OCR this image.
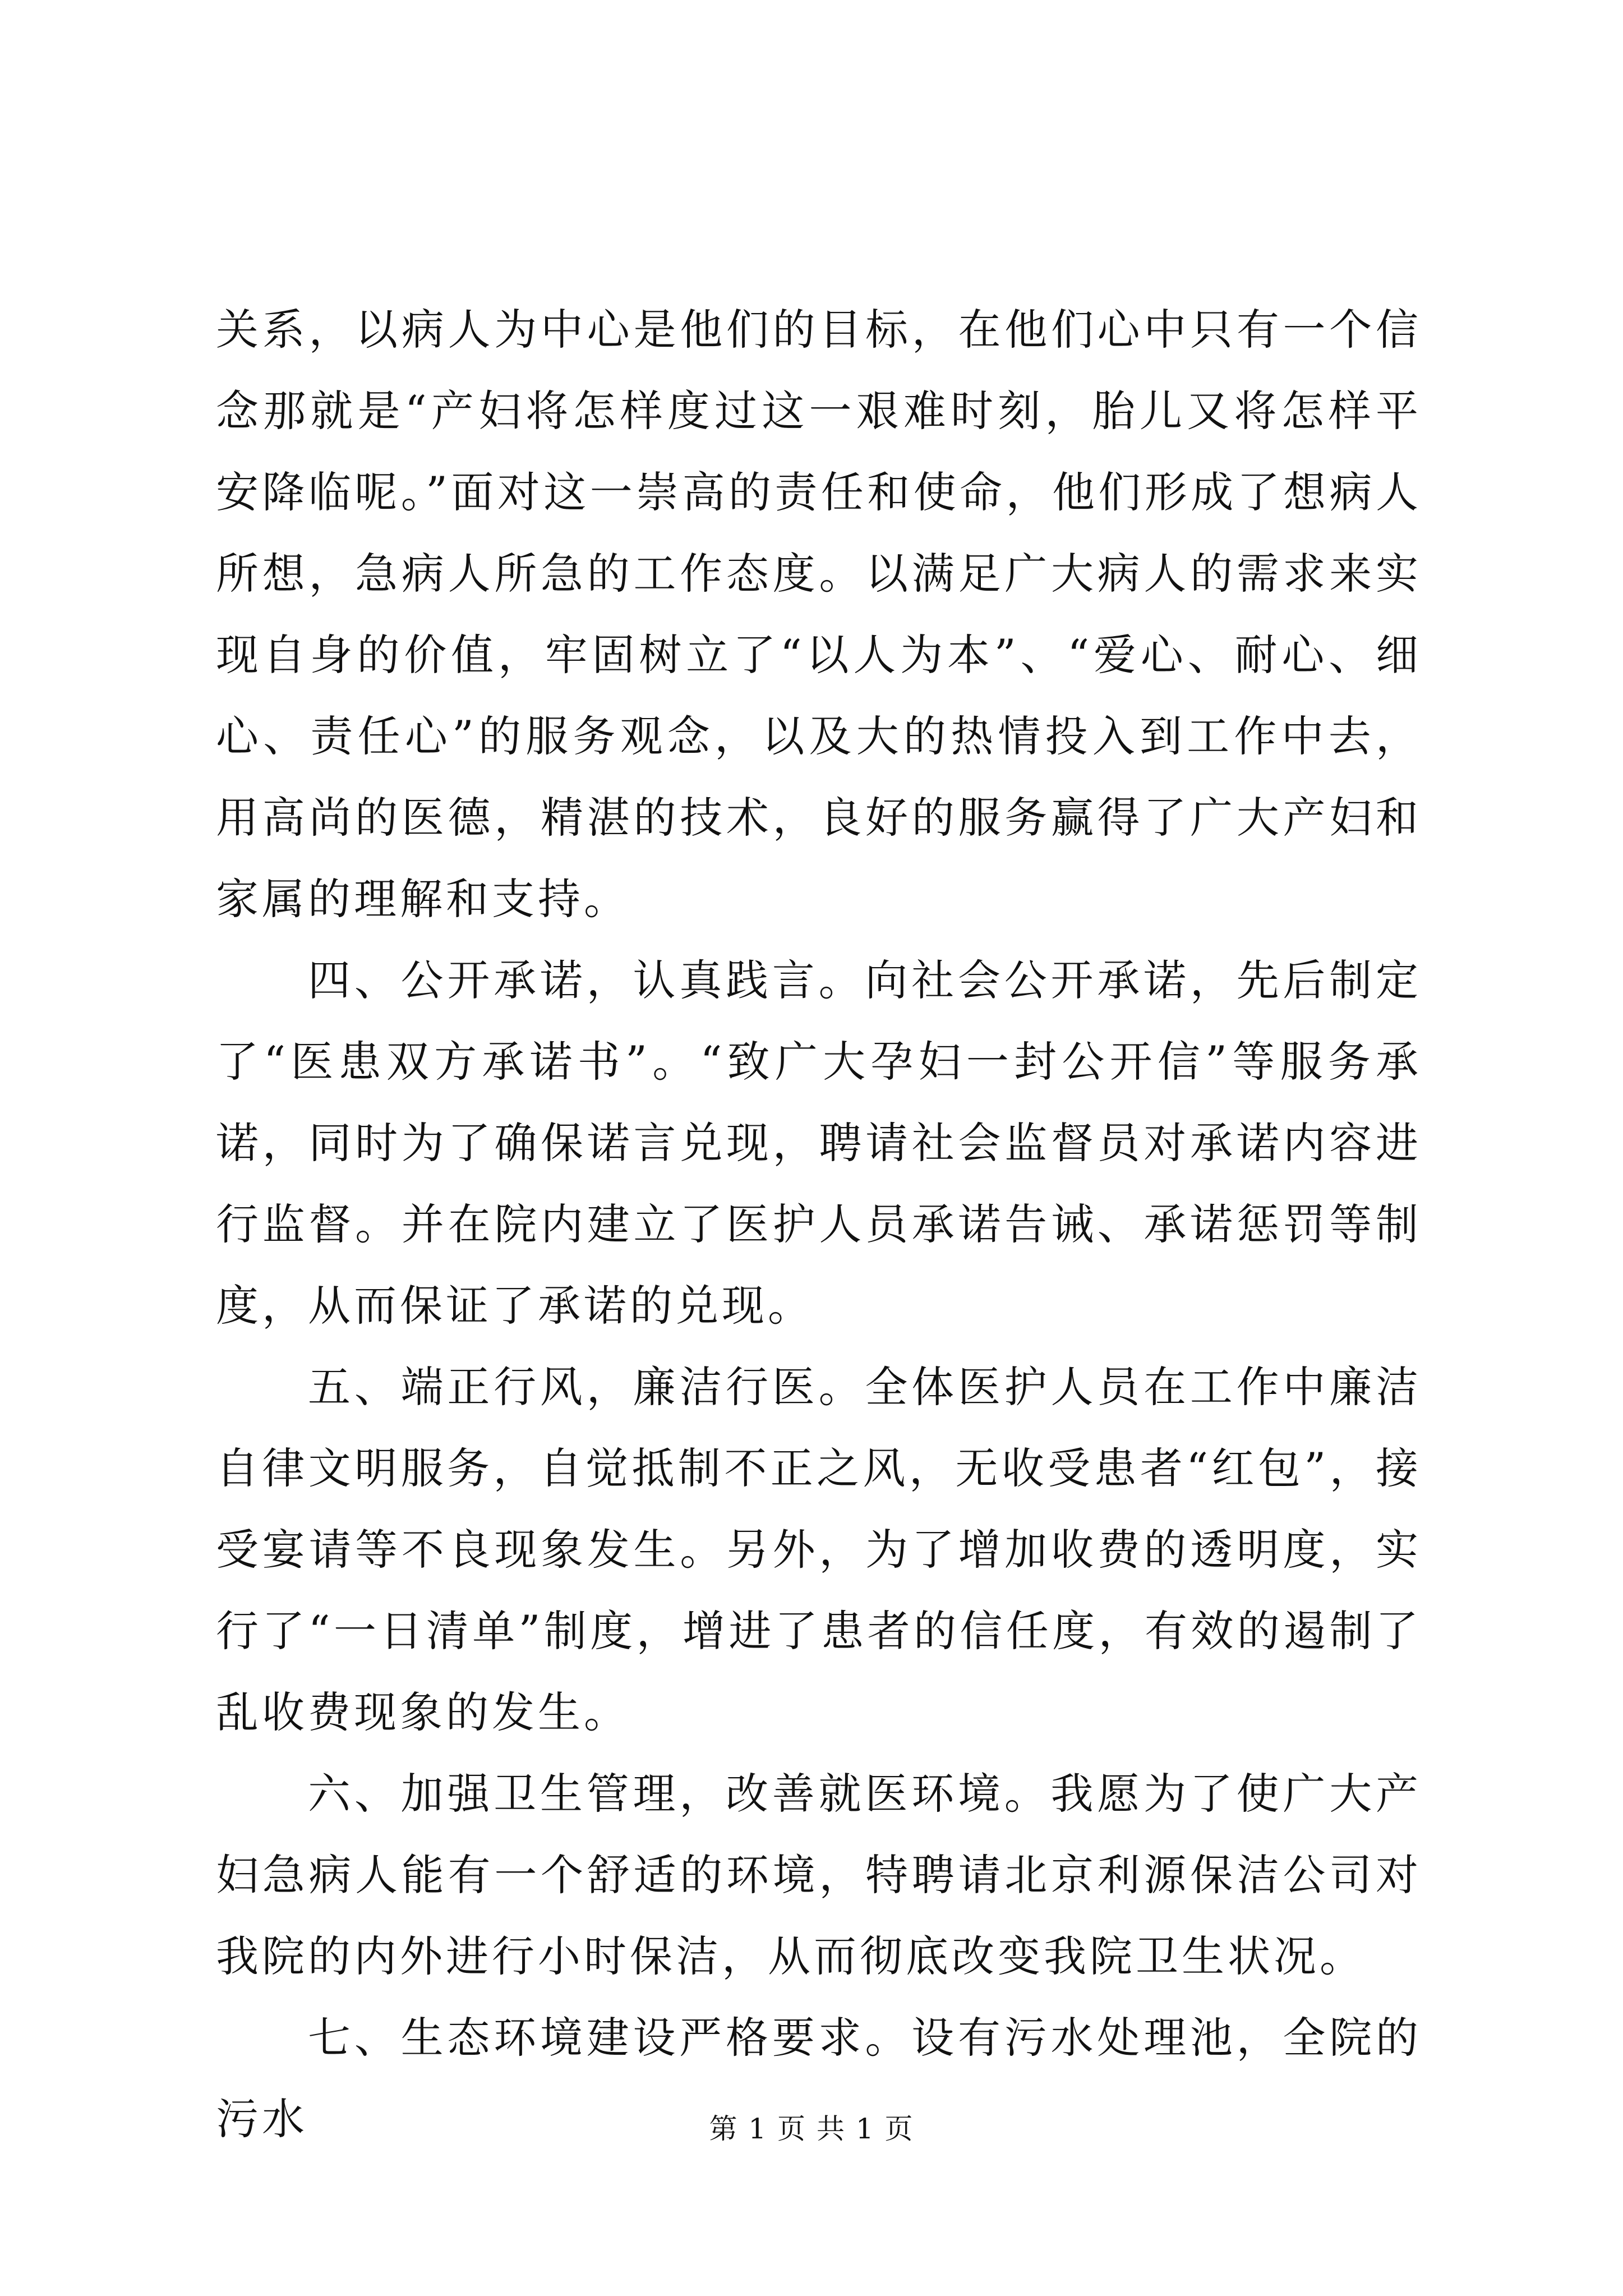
关系，以病人为中心是他们的目标，在他们心中只有一个信念那就是“产妇将怎样度过这一艰难时刻，胎儿又将怎样平安降临呢。”面对这一崇高的责任和使命，他们形成了想病人所想，急病人所急的工作态度。以满足广大病人的需求来实现自身的价值，牢固树立了“以人为本”、“爱心、耐心、细心、责任心”的服务观念，以及大的热情投入到工作中去，用高尚的医德，精湛的技术，良好的服务赢得了广大产妇和家属的理解和支持。

四、公开承诺，认真践言。向社会公开承诺，先后制定了“医患双方承诺书”。“致广大孕妇一封公开信”等服务承诺，同时为了确保诺言兑现，聘请社会监督员对承诺内容进行监督。并在院内建立了医护人员承诺告诫、承诺惩罚等制度，从而保证了承诺的兑现。

五、端正行风，廉洁行医。全体医护人员在工作中廉洁自律文明服务，自觉抵制不正之风，无收受患者“红包”，接受宴请等不良现象发生。另外，为了增加收费的透明度，实行了“一日清单”制度，增进了患者的信任度，有效的遏制了乱收费现象的发生。

六、加强卫生管理，改善就医环境。我愿为了使广大产妇急病人能有一个舒适的环境，特聘请北京利源保洁公司对我院的内外进行小时保洁，从而彻底改变我院卫生状况。

七、生态环境建设严格要求。设有污水处理池，全院的污水	第 1 页 共 1 页
